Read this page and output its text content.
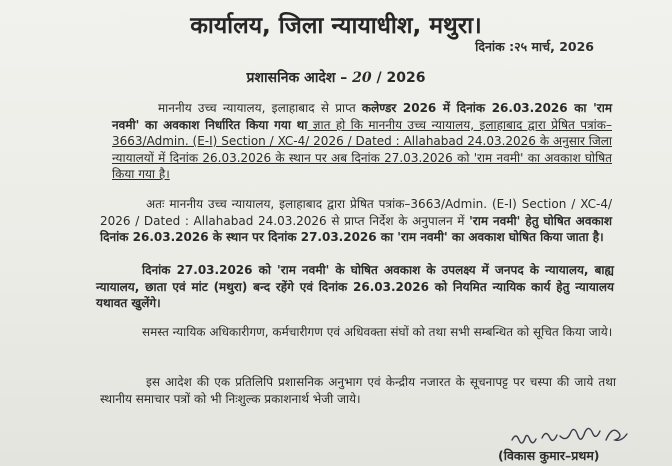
कार्यालय, जिला न्यायाधीश, मथुरा।
दिनांक :२५ मार्च, 2026
प्रशासनिक आदेश – 20 / 2026

माननीय उच्च न्यायालय, इलाहाबाद से प्राप्त कलेण्डर 2026 में दिनांक 26.03.2026 का 'राम नवमी' का अवकाश निर्धारित किया गया था ज्ञात हो कि माननीय उच्च न्यायालय, इलाहाबाद द्वारा प्रेषित पत्रांक–3663/Admin. (E-I) Section / XC-4/ 2026 / Dated : Allahabad 24.03.2026 के अनुसार जिला न्यायालयों में दिनांक 26.03.2026 के स्थान पर अब दिनांक 27.03.2026 को 'राम नवमी' का अवकाश घोषित किया गया है।

अतः माननीय उच्च न्यायालय, इलाहाबाद द्वारा प्रेषित पत्रांक–3663/Admin. (E-I) Section / XC-4/ 2026 / Dated : Allahabad 24.03.2026 से प्राप्त निर्देश के अनुपालन में 'राम नवमी' हेतु घोषित अवकाश दिनांक 26.03.2026 के स्थान पर दिनांक 27.03.2026 का 'राम नवमी' का अवकाश घोषित किया जाता है।

दिनांक 27.03.2026 को 'राम नवमी' के घोषित अवकाश के उपलक्ष्य में जनपद के न्यायालय, बाह्य न्यायालय, छाता एवं मांट (मथुरा) बन्द रहेंगे एवं दिनांक 26.03.2026 को नियमित न्यायिक कार्य हेतु न्यायालय यथावत खुलेंगे।

समस्त न्यायिक अधिकारीगण, कर्मचारीगण एवं अधिवक्ता संघों को तथा सभी सम्बन्धित को सूचित किया जाये।

इस आदेश की एक प्रतिलिपि प्रशासनिक अनुभाग एवं केन्द्रीय नजारत के सूचनापट्ट पर चस्पा की जाये तथा स्थानीय समाचार पत्रों को भी निःशुल्क प्रकाशनार्थ भेजी जाये।

(विकास कुमार–प्रथम)
